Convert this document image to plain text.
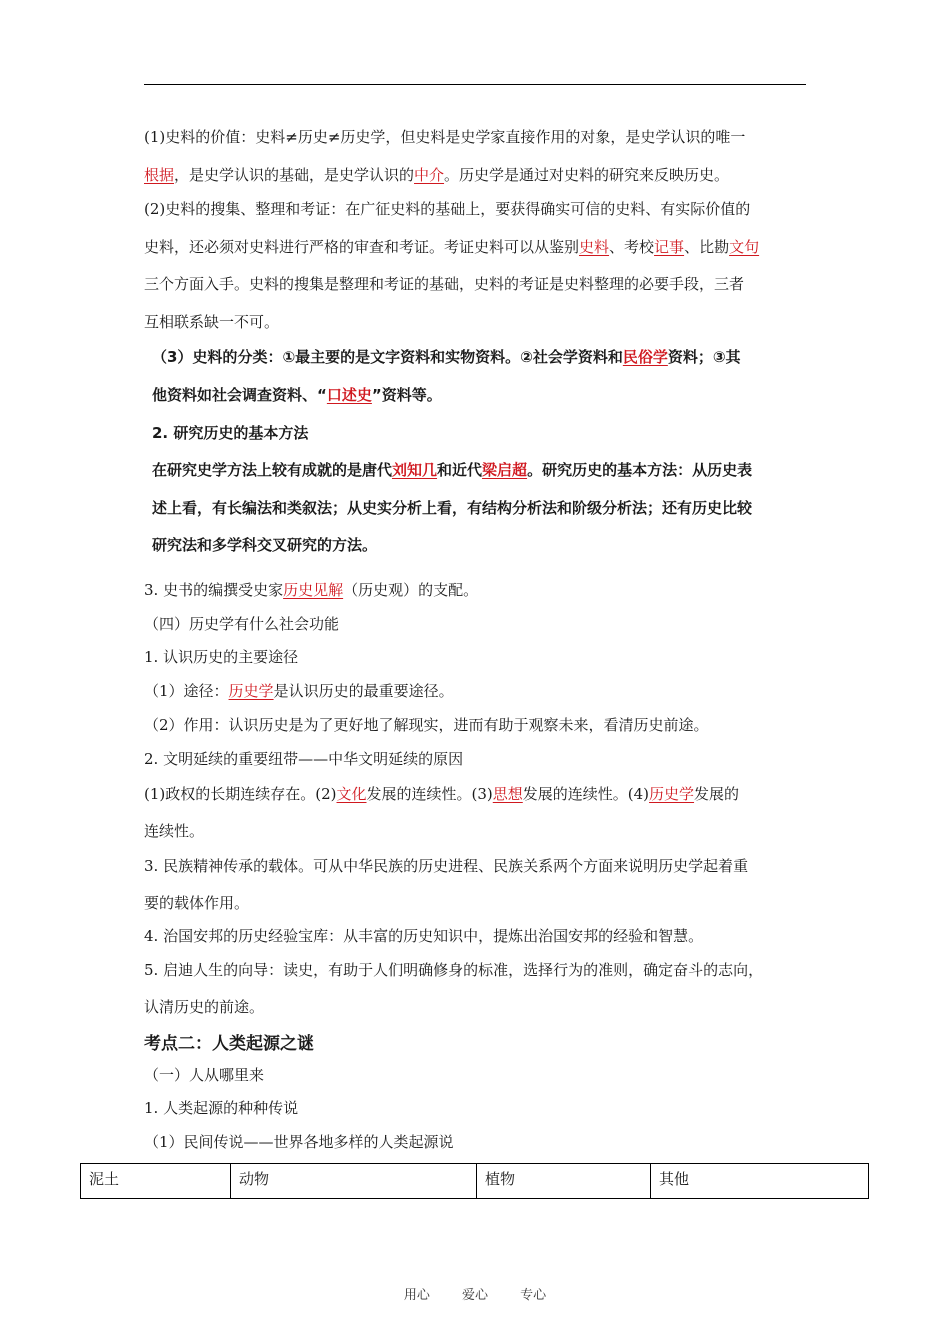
(1)史料的价值：史料≠历史≠历史学，但史料是史学家直接作用的对象，是史学认识的唯一
根据，是史学认识的基础，是史学认识的中介。历史学是通过对史料的研究来反映历史。
(2)史料的搜集、整理和考证：在广征史料的基础上，要获得确实可信的史料、有实际价值的
史料，还必须对史料进行严格的审查和考证。考证史料可以从鉴别史料、考校记事、比勘文句
三个方面入手。史料的搜集是整理和考证的基础，史料的考证是史料整理的必要手段，三者
互相联系缺一不可。
（3）史料的分类：①最主要的是文字资料和实物资料。②社会学资料和民俗学资料；③其
他资料如社会调查资料、“口述史”资料等。
2. 研究历史的基本方法
在研究史学方法上较有成就的是唐代刘知几和近代梁启超。研究历史的基本方法：从历史表
述上看，有长编法和类叙法；从史实分析上看，有结构分析法和阶级分析法；还有历史比较
研究法和多学科交叉研究的方法。
3. 史书的编撰受史家历史见解（历史观）的支配。
（四）历史学有什么社会功能
1. 认识历史的主要途径
（1）途径：历史学是认识历史的最重要途径。
（2）作用：认识历史是为了更好地了解现实，进而有助于观察未来，看清历史前途。
2. 文明延续的重要纽带——中华文明延续的原因
(1)政权的长期连续存在。(2)文化发展的连续性。(3)思想发展的连续性。(4)历史学发展的
连续性。
3. 民族精神传承的载体。可从中华民族的历史进程、民族关系两个方面来说明历史学起着重
要的载体作用。
4. 治国安邦的历史经验宝库：从丰富的历史知识中，提炼出治国安邦的经验和智慧。
5. 启迪人生的向导：读史，有助于人们明确修身的标准，选择行为的准则，确定奋斗的志向，
认清历史的前途。
考点二：人类起源之谜
（一）人从哪里来
1. 人类起源的种种传说
（1）民间传说——世界各地多样的人类起源说
泥土	动物	植物	其他
用心 爱心 专心
